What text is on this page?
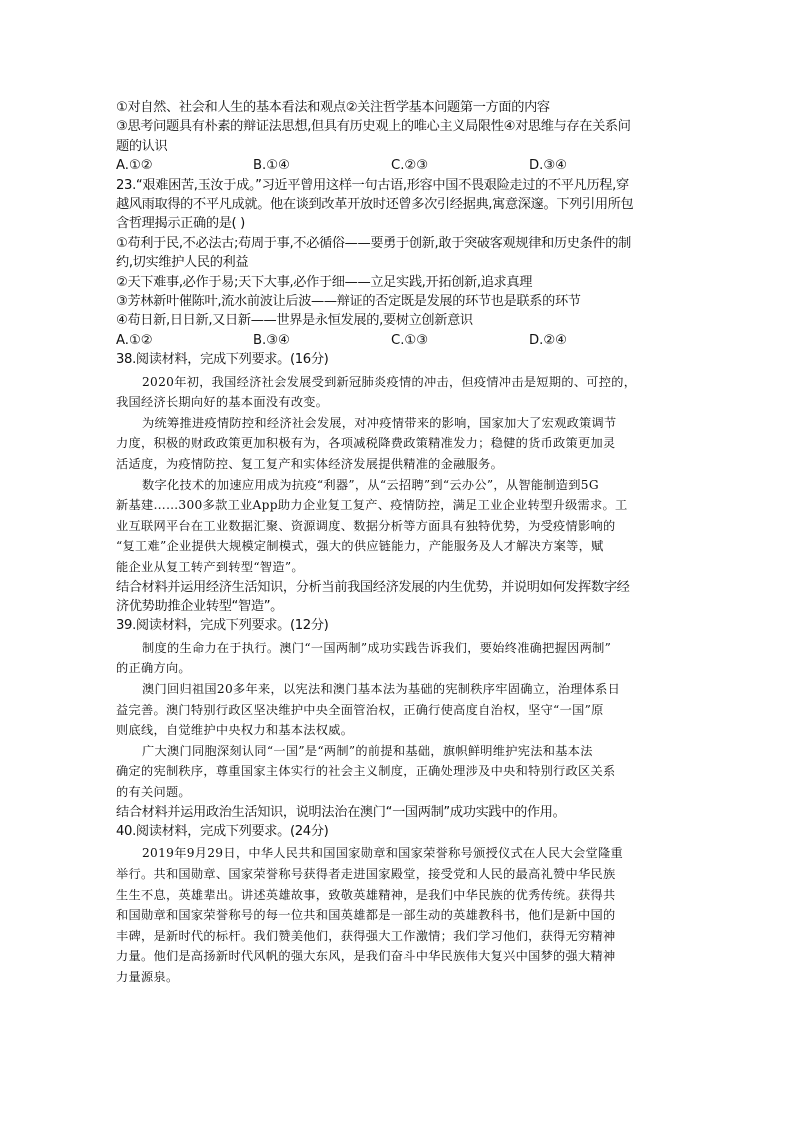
①对自然、社会和人生的基本看法和观点②关注哲学基本问题第一方面的内容
③思考问题具有朴素的辩证法思想,但具有历史观上的唯心主义局限性④对思维与存在关系问
题的认识
A.①②	B.①④	C.②③	D.③④
23.“艰难困苦,玉汝于成。”习近平曾用这样一句古语,形容中国不畏艰险走过的不平凡历程,穿
越风雨取得的不平凡成就。他在谈到改革开放时还曾多次引经据典,寓意深邃。下列引用所包
含哲理揭示正确的是( )
①苟利于民,不必法古;苟周于事,不必循俗——要勇于创新,敢于突破客观规律和历史条件的制
约,切实维护人民的利益
②天下难事,必作于易;天下大事,必作于细——立足实践,开拓创新,追求真理
③芳林新叶催陈叶,流水前波让后波——辩证的否定既是发展的环节也是联系的环节
④苟日新,日日新,又日新——世界是永恒发展的,要树立创新意识
A.①②	B.③④	C.①③	D.②④
38.阅读材料，完成下列要求。(16分)
2020年初，我国经济社会发展受到新冠肺炎疫情的冲击，但疫情冲击是短期的、可控的，
我国经济长期向好的基本面没有改变。
为统筹推进疫情防控和经济社会发展，对冲疫情带来的影响，国家加大了宏观政策调节
力度，积极的财政政策更加积极有为，各项减税降费政策精准发力；稳健的货币政策更加灵
活适度，为疫情防控、复工复产和实体经济发展提供精准的金融服务。
数字化技术的加速应用成为抗疫“利器”，从“云招聘”到“云办公”，从智能制造到5G
新基建……300多款工业App助力企业复工复产、疫情防控，满足工业企业转型升级需求。工
业互联网平台在工业数据汇聚、资源调度、数据分析等方面具有独特优势，为受疫情影响的
“复工难”企业提供大规模定制模式，强大的供应链能力，产能服务及人才解决方案等，赋
能企业从复工转产到转型“智造”。
结合材料并运用经济生活知识，分析当前我国经济发展的内生优势，并说明如何发挥数字经
济优势助推企业转型“智造”。
39.阅读材料，完成下列要求。(12分)
制度的生命力在于执行。澳门“一国两制”成功实践告诉我们，要始终准确把握因两制”
的正确方向。
澳门回归祖国20多年来，以宪法和澳门基本法为基础的宪制秩序牢固确立，治理体系日
益完善。澳门特别行政区坚决维护中央全面管治权，正确行使高度自治权，坚守“一国”原
则底线，自觉维护中央权力和基本法权威。
广大澳门同胞深刻认同“一国”是“两制”的前提和基础，旗帜鲜明维护宪法和基本法
确定的宪制秩序，尊重国家主体实行的社会主义制度，正确处理涉及中央和特别行政区关系
的有关问题。
结合材料并运用政治生活知识，说明法治在澳门“一国两制”成功实践中的作用。
40.阅读材料，完成下列要求。(24分)
2019年9月29日，中华人民共和国国家勋章和国家荣誉称号颁授仪式在人民大会堂隆重
举行。共和国勋章、国家荣誉称号获得者走进国家殿堂，接受党和人民的最高礼赞中华民族
生生不息，英雄辈出。讲述英雄故事，致敬英雄精神，是我们中华民族的优秀传统。获得共
和国勋章和国家荣誉称号的每一位共和国英雄都是一部生动的英雄教科书，他们是新中国的
丰碑，是新时代的标杆。我们赞美他们，获得强大工作激情；我们学习他们，获得无穷精神
力量。他们是高扬新时代风帆的强大东风，是我们奋斗中华民族伟大复兴中国梦的强大精神
力量源泉。
